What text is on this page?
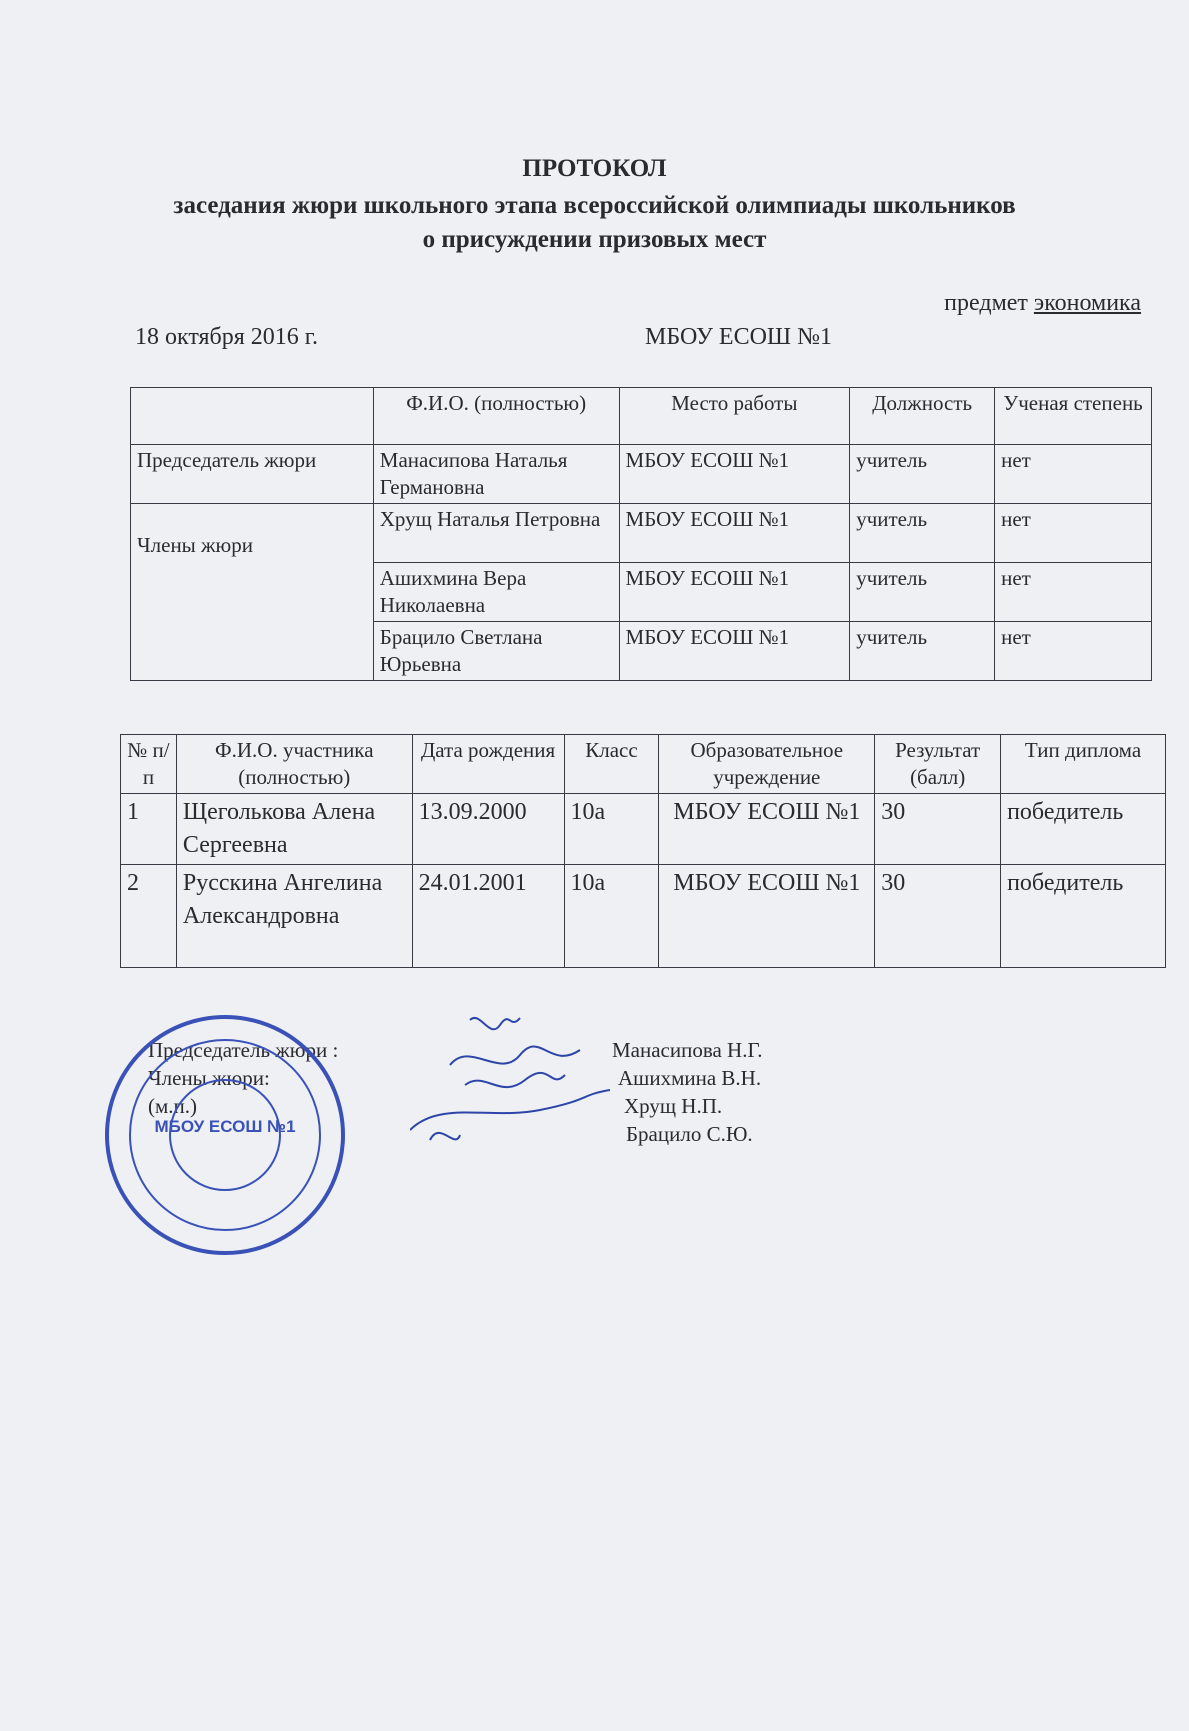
ПРОТОКОЛ
заседания жюри школьного этапа всероссийской олимпиады школьников
о присуждении призовых мест
предмет экономика
18 октября 2016 г.	МБОУ ЕСОШ №1
	Ф.И.О. (полностью)	Место работы	Должность	Ученая степень
Председатель жюри	Манасипова Наталья Германовна	МБОУ ЕСОШ №1	учитель	нет
Члены жюри	Хрущ Наталья Петровна	МБОУ ЕСОШ №1	учитель	нет
	Ашихмина Вера Николаевна	МБОУ ЕСОШ №1	учитель	нет
	Брацило Светлана Юрьевна	МБОУ ЕСОШ №1	учитель	нет
№ п/п	Ф.И.О. участника (полностью)	Дата рождения	Класс	Образовательное учреждение	Результат (балл)	Тип диплома
1	Щеголькова Алена Сергеевна	13.09.2000	10а	МБОУ ЕСОШ №1	30	победитель
2	Русскина Ангелина Александровна	24.01.2001	10а	МБОУ ЕСОШ №1	30	победитель
Председатель жюри :
Члены жюри:
(м.п.)
Манасипова Н.Г.
Ашихмина В.Н.
Хрущ Н.П.
Брацило С.Ю.
МБОУ ЕСОШ №1
